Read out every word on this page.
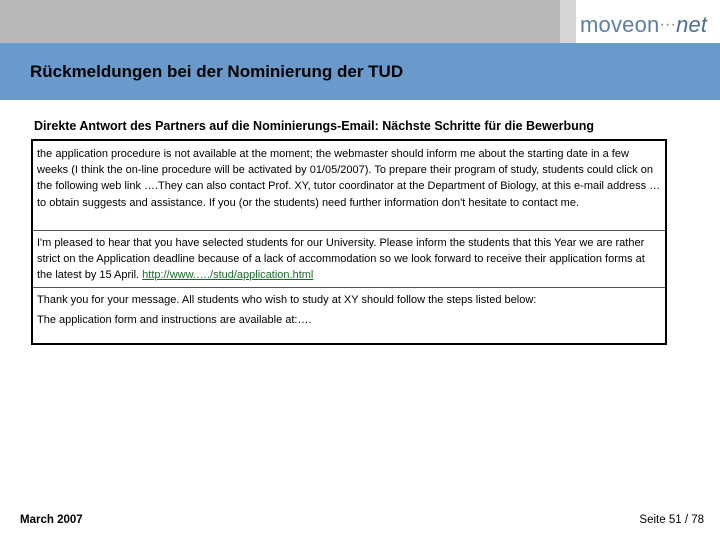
moveon···net
Rückmeldungen bei der Nominierung der TUD
Direkte Antwort des Partners auf die Nominierungs-Email: Nächste Schritte für die Bewerbung
the application procedure is not available at the moment; the webmaster should inform me about the starting date in a few weeks (I think the on-line procedure will be activated by 01/05/2007). To prepare their program of study, students could click on the following web link ….They can also contact Prof. XY, tutor coordinator at the Department of Biology, at this e-mail address … to obtain suggests and assistance. If you (or the students) need further information don't hesitate to contact me.
I'm pleased to hear that you have selected students for our University. Please inform the students that this Year we are rather strict on the Application deadline because of a lack of accommodation so we look forward to receive their application forms at the latest by 15 April. http://www.…./stud/application.html
Thank you for your message. All students who wish to study at XY should follow the steps listed below:
The application form and instructions are available at:….
March 2007	Seite 51 / 78
